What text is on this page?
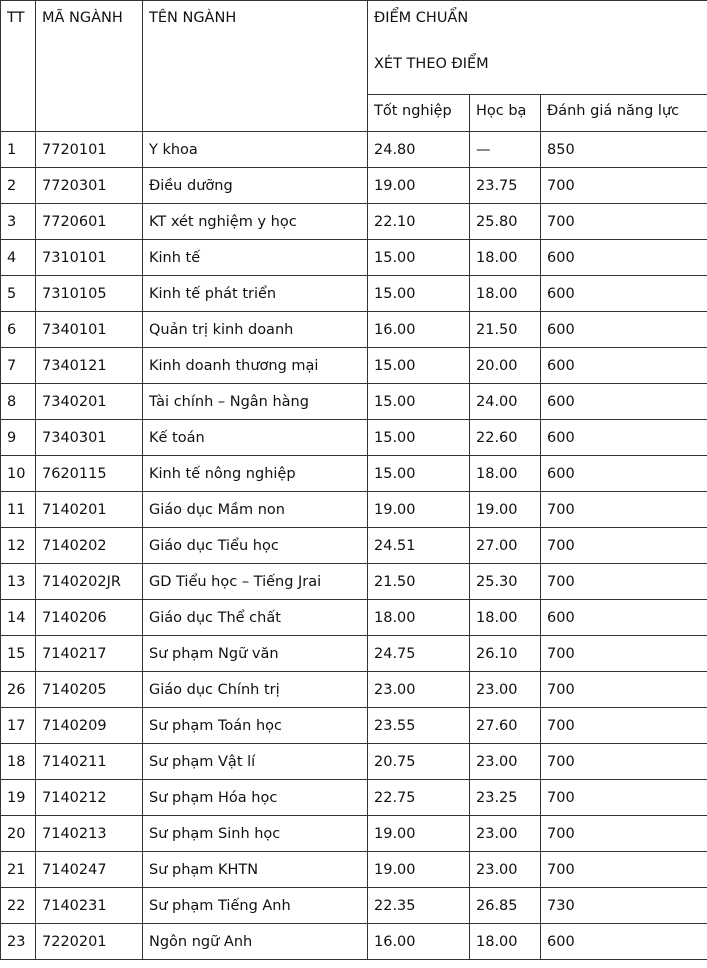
TT	MÃ NGÀNH	TÊN NGÀNH	ĐIỂM CHUẨN
XÉT THEO ĐIỂM		

			Tốt nghiệp	Học bạ	Đánh giá năng lực
1	7720101	Y khoa	24.80	—	850
2	7720301	Điều dưỡng	19.00	23.75	700
3	7720601	KT xét nghiệm y học	22.10	25.80	700
4	7310101	Kinh tế	15.00	18.00	600
5	7310105	Kinh tế phát triển	15.00	18.00	600
6	7340101	Quản trị kinh doanh	16.00	21.50	600
7	7340121	Kinh doanh thương mại	15.00	20.00	600
8	7340201	Tài chính – Ngân hàng	15.00	24.00	600
9	7340301	Kế toán	15.00	22.60	600
10	7620115	Kinh tế nông nghiệp	15.00	18.00	600
11	7140201	Giáo dục Mầm non	19.00	19.00	700
12	7140202	Giáo dục Tiểu học	24.51	27.00	700
13	7140202JR	GD Tiểu học – Tiếng Jrai	21.50	25.30	700
14	7140206	Giáo dục Thể chất	18.00	18.00	600
15	7140217	Sư phạm Ngữ văn	24.75	26.10	700
26	7140205	Giáo dục Chính trị	23.00	23.00	700
17	7140209	Sư phạm Toán học	23.55	27.60	700
18	7140211	Sư phạm Vật lí	20.75	23.00	700
19	7140212	Sư phạm Hóa học	22.75	23.25	700
20	7140213	Sư phạm Sinh học	19.00	23.00	700
21	7140247	Sư phạm KHTN	19.00	23.00	700
22	7140231	Sư phạm Tiếng Anh	22.35	26.85	730
23	7220201	Ngôn ngữ Anh	16.00	18.00	600
